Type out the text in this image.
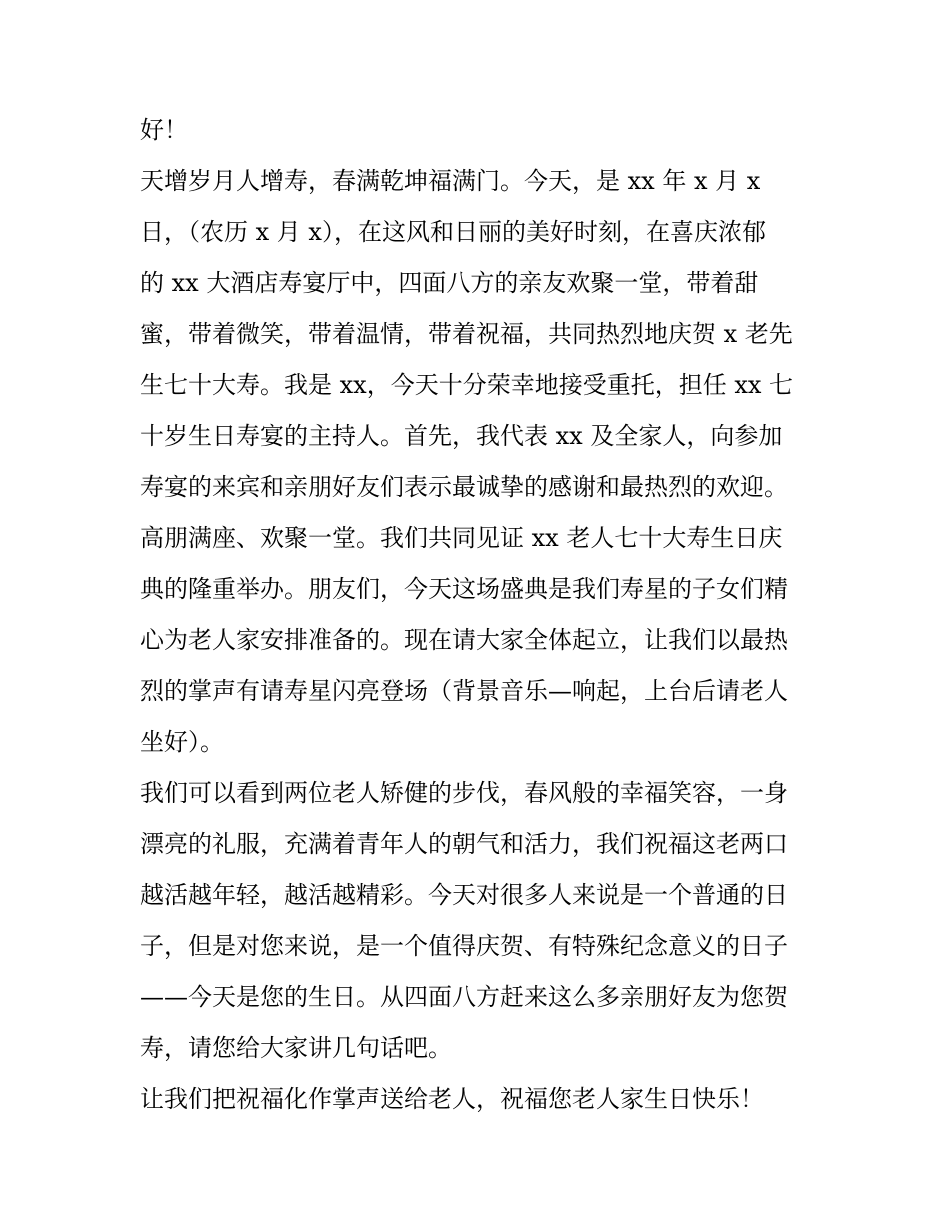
好！
天增岁月人增寿，春满乾坤福满门。今天，是 xx 年 x 月 x
日，（农历 x 月 x），在这风和日丽的美好时刻，在喜庆浓郁
的 xx 大酒店寿宴厅中，四面八方的亲友欢聚一堂，带着甜
蜜，带着微笑，带着温情，带着祝福，共同热烈地庆贺 x 老先
生七十大寿。我是 xx，今天十分荣幸地接受重托，担任 xx 七
十岁生日寿宴的主持人。首先，我代表 xx 及全家人，向参加
寿宴的来宾和亲朋好友们表示最诚挚的感谢和最热烈的欢迎。
高朋满座、欢聚一堂。我们共同见证 xx 老人七十大寿生日庆
典的隆重举办。朋友们，今天这场盛典是我们寿星的子女们精
心为老人家安排准备的。现在请大家全体起立，让我们以最热
烈的掌声有请寿星闪亮登场（背景音乐—响起，上台后请老人
坐好）。
我们可以看到两位老人矫健的步伐，春风般的幸福笑容，一身
漂亮的礼服，充满着青年人的朝气和活力，我们祝福这老两口
越活越年轻，越活越精彩。今天对很多人来说是一个普通的日
子，但是对您来说，是一个值得庆贺、有特殊纪念意义的日子
——今天是您的生日。从四面八方赶来这么多亲朋好友为您贺
寿，请您给大家讲几句话吧。
让我们把祝福化作掌声送给老人，祝福您老人家生日快乐！
